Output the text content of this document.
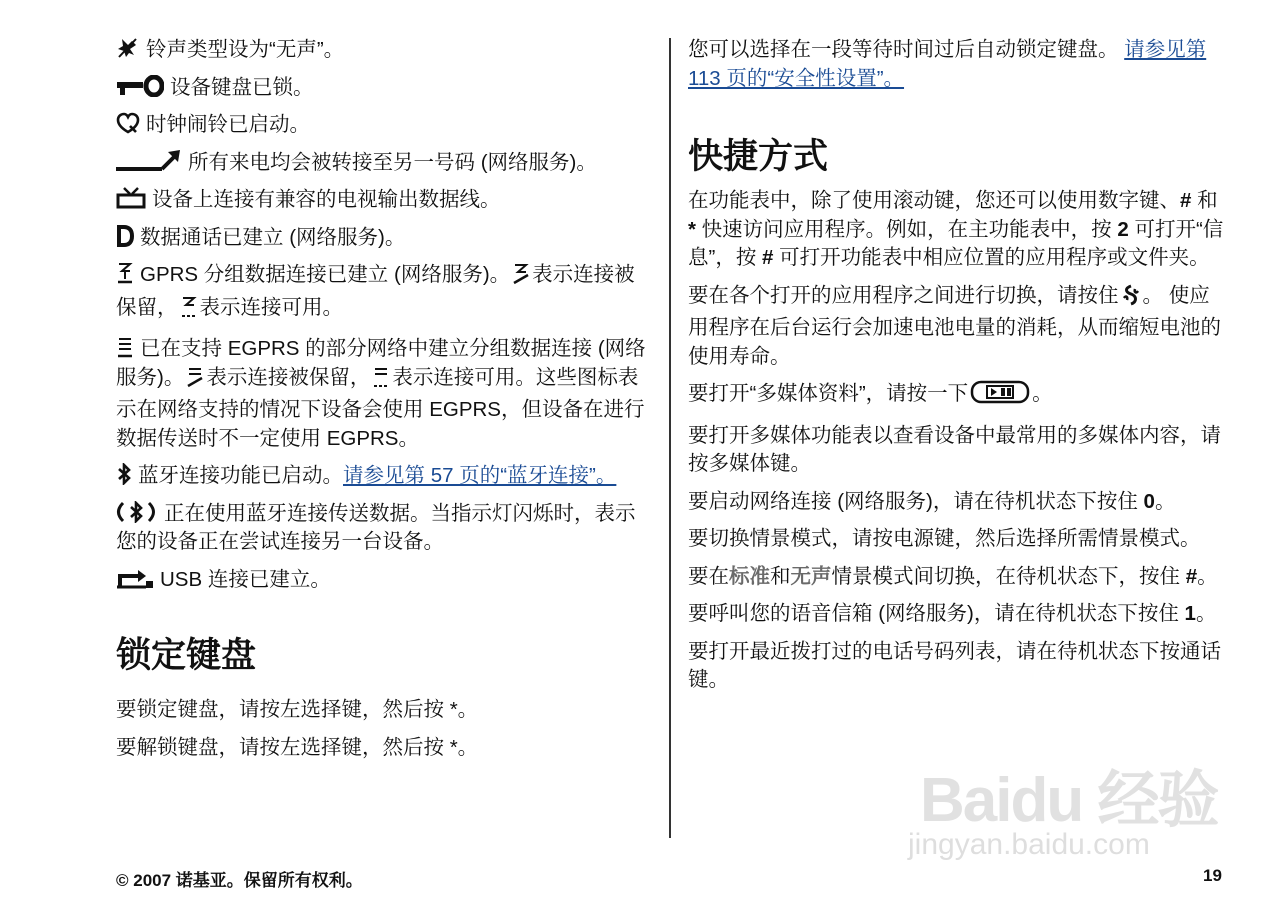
铃声类型设为“无声”。

设备键盘已锁。

时钟闹铃已启动。

所有来电均会被转接至另一号码 (网络服务)。

设备上连接有兼容的电视输出数据线。

数据通话已建立 (网络服务)。

GPRS 分组数据连接已建立 (网络服务)。 表示连接被保留， 表示连接可用。

已在支持 EGPRS 的部分网络中建立分组数据连接 (网络服务)。 表示连接被保留， 表示连接可用。这些图标表示在网络支持的情况下设备会使用 EGPRS，但设备在进行数据传送时不一定使用 EGPRS。

蓝牙连接功能已启动。请参见第 57 页的“蓝牙连接”。

正在使用蓝牙连接传送数据。当指示灯闪烁时，表示您的设备正在尝试连接另一台设备。

USB 连接已建立。

锁定键盘

要锁定键盘，请按左选择键，然后按 *。

要解锁键盘，请按左选择键，然后按 *。

您可以选择在一段等待时间过后自动锁定键盘。 请参见第 113 页的“安全性设置”。

快捷方式

在功能表中，除了使用滚动键，您还可以使用数字键、# 和 * 快速访问应用程序。例如，在主功能表中，按 2 可打开“信息”，按 # 可打开功能表中相应位置的应用程序或文件夹。

要在各个打开的应用程序之间进行切换，请按住 。 使应用程序在后台运行会加速电池电量的消耗，从而缩短电池的使用寿命。

要打开“多媒体资料”，请按一下	。

要打开多媒体功能表以查看设备中最常用的多媒体内容，请按多媒体键。

要启动网络连接 (网络服务)，请在待机状态下按住 0。

要切换情景模式，请按电源键，然后选择所需情景模式。

要在标准和无声情景模式间切换，在待机状态下，按住 #。

要呼叫您的语音信箱 (网络服务)，请在待机状态下按住 1。

要打开最近拨打过的电话号码列表，请在待机状态下按通话键。

© 2007 诺基亚。保留所有权利。	19
Baidu 经验
jingyan.baidu.com
